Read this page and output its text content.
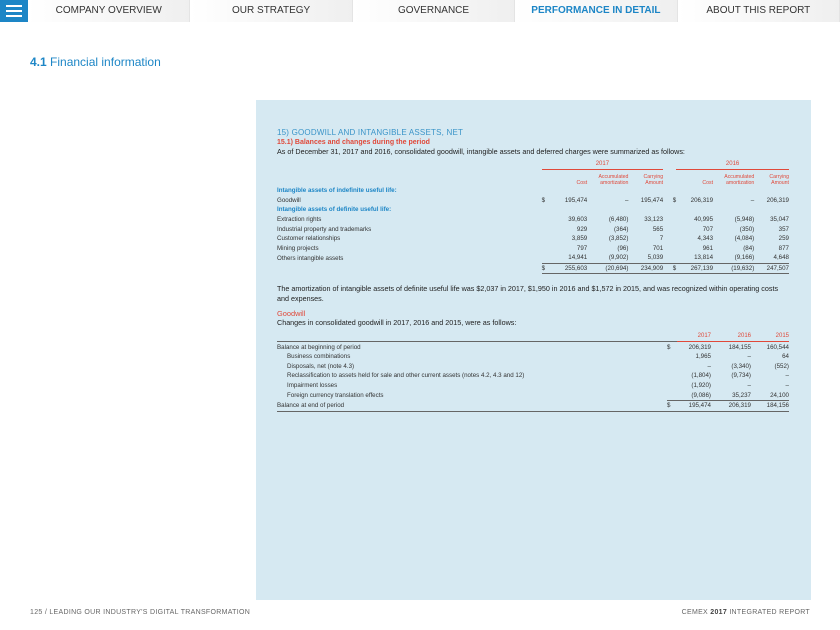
COMPANY OVERVIEW	OUR STRATEGY	GOVERNANCE	PERFORMANCE IN DETAIL	ABOUT THIS REPORT
4.1 Financial information
15) GOODWILL AND INTANGIBLE ASSETS, NET
15.1) Balances and changes during the period
As of December 31, 2017 and 2016, consolidated goodwill, intangible assets and deferred charges were summarized as follows:
	2017					2016		
		Cost	Accumulated amortization	Carrying Amount		Cost	Accumulated amortization	Carrying Amount
Intangible assets of indefinite useful life:								
Goodwill	$	195,474	–	195,474	$	206,319	–	206,319
Intangible assets of definite useful life:								
Extraction rights		39,603	(6,480)	33,123		40,995	(5,948)	35,047
Industrial property and trademarks		929	(364)	565		707	(350)	357
Customer relationships		3,859	(3,852)	7		4,343	(4,084)	259
Mining projects		797	(96)	701		961	(84)	877
Others intangible assets		14,941	(9,902)	5,039		13,814	(9,166)	4,648
	$	255,603	(20,694)	234,909	$	267,139	(19,632)	247,507
The amortization of intangible assets of definite useful life was $2,037 in 2017, $1,950 in 2016 and $1,572 in 2015, and was recognized within operating costs and expenses.
Goodwill
Changes in consolidated goodwill in 2017, 2016 and 2015, were as follows:
		2017	2016	2015
Balance at beginning of period	$	206,319	184,155	160,544
Business combinations		1,965	–	64
Disposals, net (note 4.3)		–	(3,340)	(552)
Reclassification to assets held for sale and other current assets (notes 4.2, 4.3 and 12)		(1,804)	(9,734)	–
Impairment losses		(1,920)	–	–
Foreign currency translation effects		(9,086)	35,237	24,100
Balance at end of period	$	195,474	206,319	184,156
125 / LEADING OUR INDUSTRY'S DIGITAL TRANSFORMATION	CEMEX 2017 INTEGRATED REPORT
